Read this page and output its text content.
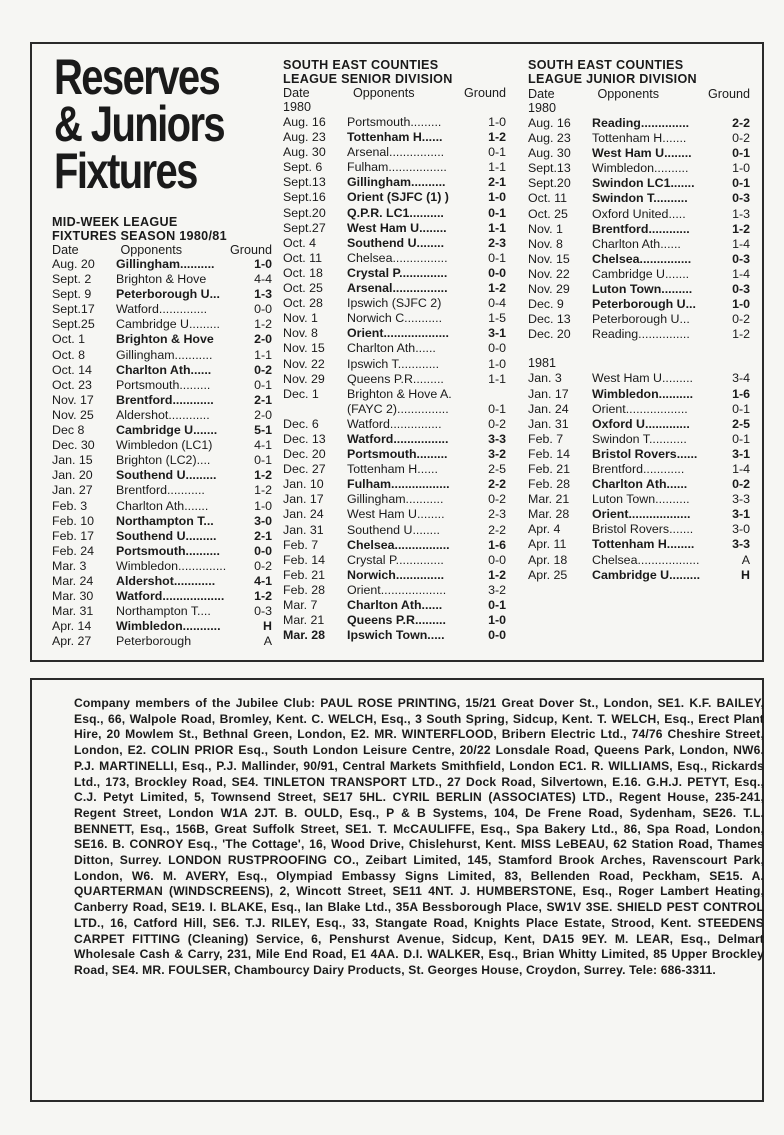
Reserves
& Juniors
Fixtures
MID-WEEK LEAGUE
FIXTURES SEASON 1980/81
Date	Opponents	Ground
Aug. 20	Gillingham..........	1-0
Sept. 2	Brighton & Hove	4-4
Sept. 9	Peterborough U...	1-3
Sept.17	Watford..............	0-0
Sept.25	Cambridge U.........	1-2
Oct. 1	Brighton & Hove	2-0
Oct. 8	Gillingham...........	1-1
Oct. 14	Charlton Ath......	0-2
Oct. 23	Portsmouth.........	0-1
Nov. 17	Brentford............	2-1
Nov. 25	Aldershot............	2-0
Dec 8	Cambridge U.......	5-1
Dec. 30	Wimbledon (LC1)	4-1
Jan. 15	Brighton (LC2)....	0-1
Jan. 20	Southend U.........	1-2
Jan. 27	Brentford...........	1-2
Feb. 3	Charlton Ath.......	1-0
Feb. 10	Northampton T...	3-0
Feb. 17	Southend U.........	2-1
Feb. 24	Portsmouth..........	0-0
Mar. 3	Wimbledon..............	0-2
Mar. 24	Aldershot............	4-1
Mar. 30	Watford..................	1-2
Mar. 31	Northampton T....	0-3
Apr. 14	Wimbledon...........	H
Apr. 27	Peterborough	A
SOUTH EAST COUNTIES
LEAGUE SENIOR DIVISION
Date	Opponents	Ground
1980
Aug. 16	Portsmouth.........	1-0
Aug. 23	Tottenham H......	1-2
Aug. 30	Arsenal................	0-1
Sept. 6	Fulham.................	1-1
Sept.13	Gillingham..........	2-1
Sept.16	Orient (SJFC (1) )	1-0
Sept.20	Q.P.R. LC1..........	0-1
Sept.27	West Ham U........	1-1
Oct. 4	Southend U........	2-3
Oct. 11	Chelsea................	0-1
Oct. 18	Crystal P..............	0-0
Oct. 25	Arsenal................	1-2
Oct. 28	Ipswich (SJFC 2)	0-4
Nov. 1	Norwich C...........	1-5
Nov. 8	Orient...................	3-1
Nov. 15	Charlton Ath......	0-0
Nov. 22	Ipswich T............	1-0
Nov. 29	Queens P.R.........	1-1
Dec. 1	Brighton & Hove A.
(FAYC 2)...............	0-1
Dec. 6	Watford...............	0-2
Dec. 13	Watford................	3-3
Dec. 20	Portsmouth.........	3-2
Dec. 27	Tottenham H......	2-5
Jan. 10	Fulham.................	2-2
Jan. 17	Gillingham...........	0-2
Jan. 24	West Ham U........	2-3
Jan. 31	Southend U........	2-2
Feb. 7	Chelsea................	1-6
Feb. 14	Crystal P..............	0-0
Feb. 21	Norwich..............	1-2
Feb. 28	Orient...................	3-2
Mar. 7	Charlton Ath......	0-1
Mar. 21	Queens P.R.........	1-0
Mar. 28	Ipswich Town.....	0-0
SOUTH EAST COUNTIES
LEAGUE JUNIOR DIVISION
Date	Opponents	Ground
1980
Aug. 16	Reading..............	2-2
Aug. 23	Tottenham H.......	0-2
Aug. 30	West Ham U........	0-1
Sept.13	Wimbledon..........	1-0
Sept.20	Swindon LC1.......	0-1
Oct. 11	Swindon T..........	0-3
Oct. 25	Oxford United.....	1-3
Nov. 1	Brentford............	1-2
Nov. 8	Charlton Ath......	1-4
Nov. 15	Chelsea...............	0-3
Nov. 22	Cambridge U.......	1-4
Nov. 29	Luton Town.........	0-3
Dec. 9	Peterborough U...	1-0
Dec. 13	Peterborough U...	0-2
Dec. 20	Reading...............	1-2
1981
Jan. 3	West Ham U.........	3-4
Jan. 17	Wimbledon..........	1-6
Jan. 24	Orient..................	0-1
Jan. 31	Oxford U.............	2-5
Feb. 7	Swindon T...........	0-1
Feb. 14	Bristol Rovers......	3-1
Feb. 21	Brentford............	1-4
Feb. 28	Charlton Ath......	0-2
Mar. 21	Luton Town..........	3-3
Mar. 28	Orient..................	3-1
Apr. 4	Bristol Rovers.......	3-0
Apr. 11	Tottenham H........	3-3
Apr. 18	Chelsea..................	A
Apr. 25	Cambridge U.........	H
Company members of the Jubilee Club: PAUL ROSE PRINTING, 15/21 Great Dover St., London, SE1. K.F. BAILEY, Esq., 66, Walpole Road, Bromley, Kent. C. WELCH, Esq., 3 South Spring, Sidcup, Kent. T. WELCH, Esq., Erect Plant Hire, 20 Mowlem St., Bethnal Green, London, E2. MR. WINTERFLOOD, Bribern Electric Ltd., 74/76 Cheshire Street, London, E2. COLIN PRIOR Esq., South London Leisure Centre, 20/22 Lonsdale Road, Queens Park, London, NW6. P.J. MARTINELLI, Esq., P.J. Mallinder, 90/91, Central Markets Smithfield, London EC1. R. WILLIAMS, Esq., Rickards Ltd., 173, Brockley Road, SE4. TINLETON TRANSPORT LTD., 27 Dock Road, Silvertown, E.16. G.H.J. PETYT, Esq., C.J. Petyt Limited, 5, Townsend Street, SE17 5HL. CYRIL BERLIN (ASSOCIATES) LTD., Regent House, 235-241, Regent Street, London W1A 2JT. B. OULD, Esq., P & B Systems, 104, De Frene Road, Sydenham, SE26. T.L. BENNETT, Esq., 156B, Great Suffolk Street, SE1. T. McCAULIFFE, Esq., Spa Bakery Ltd., 86, Spa Road, London, SE16. B. CONROY Esq., 'The Cottage', 16, Wood Drive, Chislehurst, Kent. MISS LeBEAU, 62 Station Road, Thames Ditton, Surrey. LONDON RUSTPROOFING CO., Zeibart Limited, 145, Stamford Brook Arches, Ravenscourt Park, London, W6. M. AVERY, Esq., Olympiad Embassy Signs Limited, 83, Bellenden Road, Peckham, SE15. A. QUARTERMAN (WINDSCREENS), 2, Wincott Street, SE11 4NT. J. HUMBERSTONE, Esq., Roger Lambert Heating, Canberry Road, SE19. I. BLAKE, Esq., Ian Blake Ltd., 35A Bessborough Place, SW1V 3SE. SHIELD PEST CONTROL LTD., 16, Catford Hill, SE6. T.J. RILEY, Esq., 33, Stangate Road, Knights Place Estate, Strood, Kent. STEEDENS CARPET FITTING (Cleaning) Service, 6, Penshurst Avenue, Sidcup, Kent, DA15 9EY. M. LEAR, Esq., Delmart Wholesale Cash & Carry, 231, Mile End Road, E1 4AA. D.I. WALKER, Esq., Brian Whitty Limited, 85 Upper Brockley Road, SE4. MR. FOULSER, Chambourcy Dairy Products, St. Georges House, Croydon, Surrey. Tele: 686-3311.
